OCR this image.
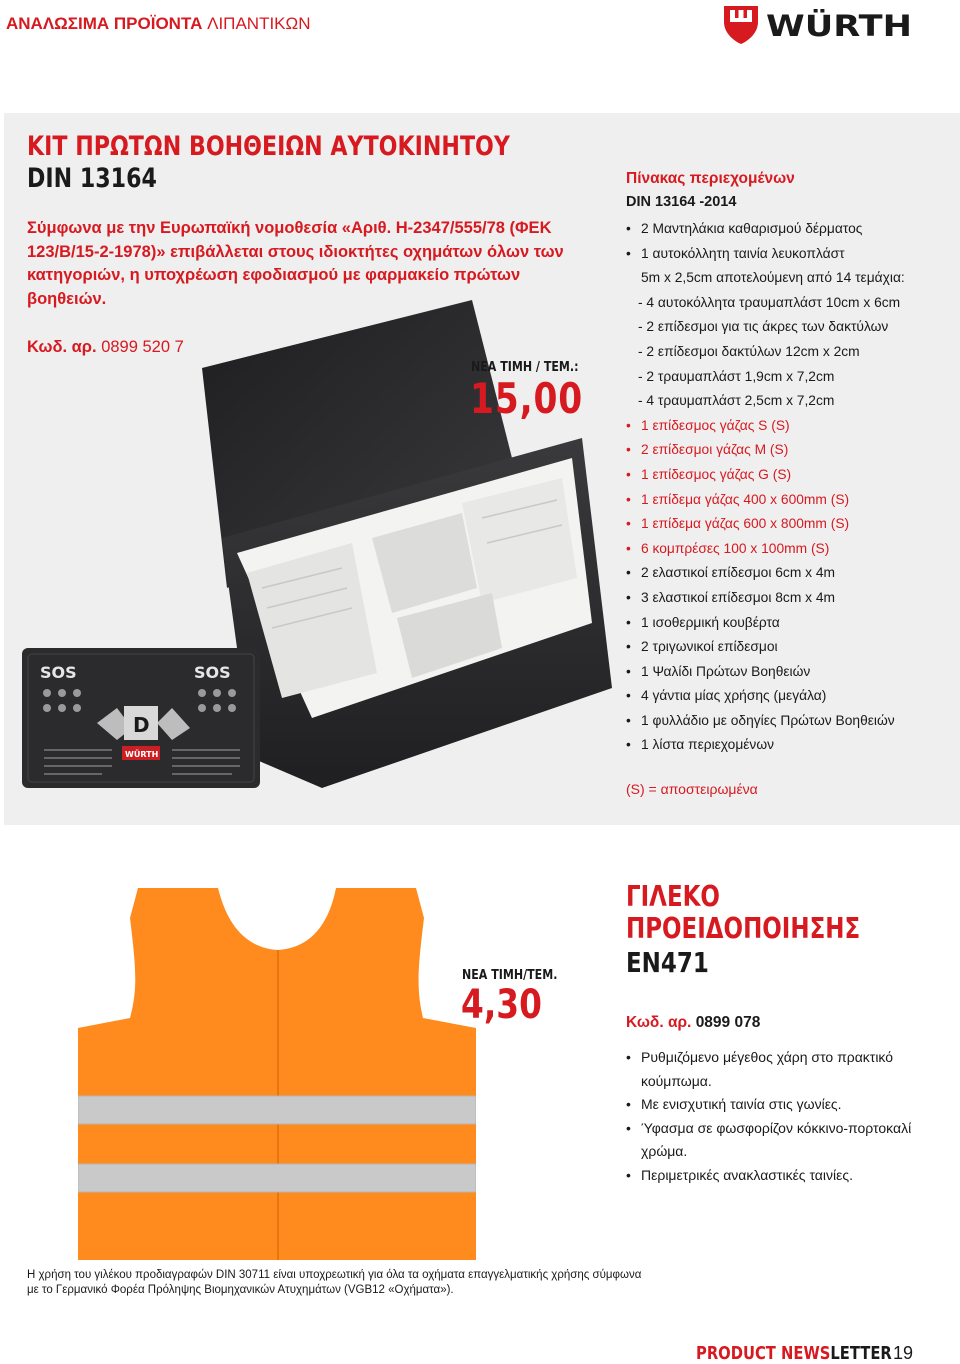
ΑΝΑΛΩΣΙΜΑ ΠΡΟΪΟΝΤΑ ΛΙΠΑΝΤΙΚΩΝ	WÜRTH
ΚΙΤ ΠΡΩΤΩΝ ΒΟΗΘΕΙΩΝ ΑΥΤΟΚΙΝΗΤΟΥ
DIN 13164
Σύμφωνα με την Ευρωπαϊκή νομοθεσία «Αριθ. Η-2347/555/78 (ΦΕΚ 123/Β/15-2-1978)» επιβάλλεται στους ιδιοκτήτες οχημάτων όλων των κατηγοριών, η υποχρέωση εφοδιασμού με φαρμακείο πρώτων βοηθειών.
Κωδ. αρ. 0899 520 7
SOS	SOS
D
WÜRTH
ΝΕΑ ΤΙΜΗ / ΤΕΜ.:
15,00
Πίνακας περιεχομένων
DIN 13164 -2014
• 2 Μαντηλάκια καθαρισμού δέρματος
• 1 αυτοκόλλητη ταινία λευκοπλάστ
5m x 2,5cm αποτελούμενη από 14 τεμάχια:
- 4 αυτοκόλλητα τραυμαπλάστ 10cm x 6cm
- 2 επίδεσμοι για τις άκρες των δακτύλων
- 2 επίδεσμοι δακτύλων 12cm x 2cm
- 2 τραυμαπλάστ 1,9cm x 7,2cm
- 4 τραυμαπλάστ 2,5cm x 7,2cm
• 1 επίδεσμος γάζας S (S)
• 2 επίδεσμοι γάζας M (S)
• 1 επίδεσμος γάζας G (S)
• 1 επίδεμα γάζας 400 x 600mm (S)
• 1 επίδεμα γάζας 600 x 800mm (S)
• 6 κομπρέσες 100 x 100mm (S)
• 2 ελαστικοί επίδεσμοι 6cm x 4m
• 3 ελαστικοί επίδεσμοι 8cm x 4m
• 1 ισοθερμική κουβέρτα
• 2 τριγωνικοί επίδεσμοι
• 1 Ψαλίδι Πρώτων Βοηθειών
• 4 γάντια μίας χρήσης (μεγάλα)
• 1 φυλλάδιο με οδηγίες Πρώτων Βοηθειών
• 1 λίστα περιεχομένων
(S) = αποστειρωμένα
ΝΕΑ ΤΙΜΗ/ΤΕΜ.
4,30
ΓΙΛΕΚΟ
ΠΡΟΕΙΔΟΠΟΙΗΣΗΣ
EN471
Κωδ. αρ. 0899 078
• Ρυθμιζόμενο μέγεθος χάρη στο πρακτικό
κούμπωμα.
• Με ενισχυτική ταινία στις γωνίες.
• Ύφασμα σε φωσφορίζον κόκκινο-πορτοκαλί
χρώμα.
• Περιμετρικές ανακλαστικές ταινίες.
Η χρήση του γιλέκου προδιαγραφών DIN 30711 είναι υποχρεωτική για όλα τα οχήματα επαγγελματικής χρήσης σύμφωνα με το Γερμανικό Φορέα Πρόληψης Βιομηχανικών Ατυχημάτων (VGB12 «Οχήματα»).
PRODUCT NEWSLETTER 19
